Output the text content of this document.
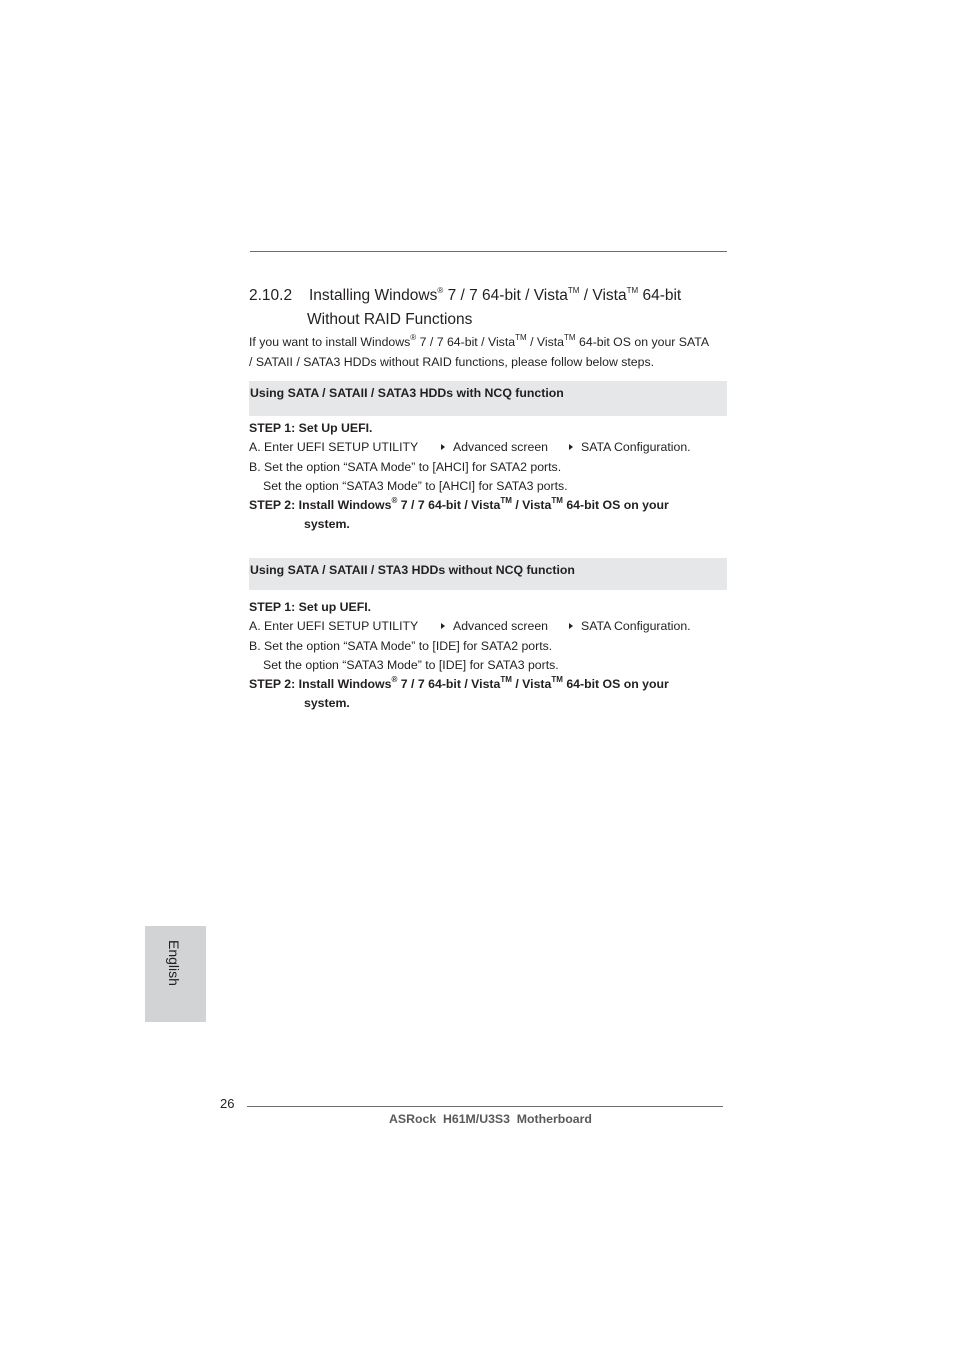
2.10.2 Installing Windows® 7 / 7 64-bit / Vista™ / Vista™ 64-bit
Without RAID Functions
If you want to install Windows® 7 / 7 64-bit / Vista™ / Vista™ 64-bit OS on your SATA
/ SATAII / SATA3 HDDs without RAID functions, please follow below steps.
Using SATA / SATAII / SATA3 HDDs with NCQ function
STEP 1: Set Up UEFI.
A. Enter UEFI SETUP UTILITY	Advanced screen	SATA Configuration.
B. Set the option “SATA Mode” to [AHCI] for SATA2 ports.
Set the option “SATA3 Mode” to [AHCI] for SATA3 ports.
STEP 2: Install Windows® 7 / 7 64-bit / Vista™ / Vista™ 64-bit OS on your
system.
Using SATA / SATAII / STA3 HDDs without NCQ function
STEP 1: Set up UEFI.
A. Enter UEFI SETUP UTILITY	Advanced screen	SATA Configuration.
B. Set the option “SATA Mode” to [IDE] for SATA2 ports.
Set the option “SATA3 Mode” to [IDE] for SATA3 ports.
STEP 2: Install Windows® 7 / 7 64-bit / Vista™ / Vista™ 64-bit OS on your
system.
English
26
ASRock  H61M/U3S3  Motherboard
